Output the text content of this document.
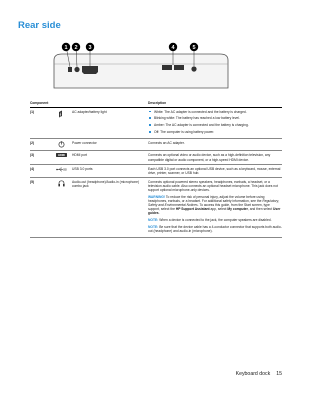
Rear side
1 2 3	4	5
Component	Description
(1)	AC adapter/battery light	White: The AC adapter is connected and the battery is charged.
Blinking white: The battery has reached a low battery level.
Amber: The AC adapter is connected and the battery is charging.
Off: The computer is using battery power.
(2)	Power connector	Connects an AC adapter.
(3)	HDMI HDMI port	Connects an optional video or audio device, such as a high-definition television, any compatible digital or audio component, or a high-speed HDMI device.
(4)	SS USB 3.0 ports	Each USB 3.0 port connects an optional USB device, such as a keyboard, mouse, external drive, printer, scanner, or USB hub.
(5)	Audio-out (headphone)/Audio-in (microphone) combo jack
Connects optional powered stereo speakers, headphones, earbuds, a headset, or a television audio cable. Also connects an optional headset microphone. This jack does not support optional microphone-only devices.
WARNING! To reduce the risk of personal injury, adjust the volume before using headphones, earbuds, or a headset. For additional safety information, see the Regulatory, Safety and Environmental Notices. To access this guide, from the Start screen, type support, select the HP Support Assistant app, select My computer, and then select User guides.
NOTE: When a device is connected to the jack, the computer speakers are disabled.
NOTE: Be sure that the device cable has a 4-conductor connector that supports both audio-out (headphone) and audio-in (microphone).
Keyboard dock 15
